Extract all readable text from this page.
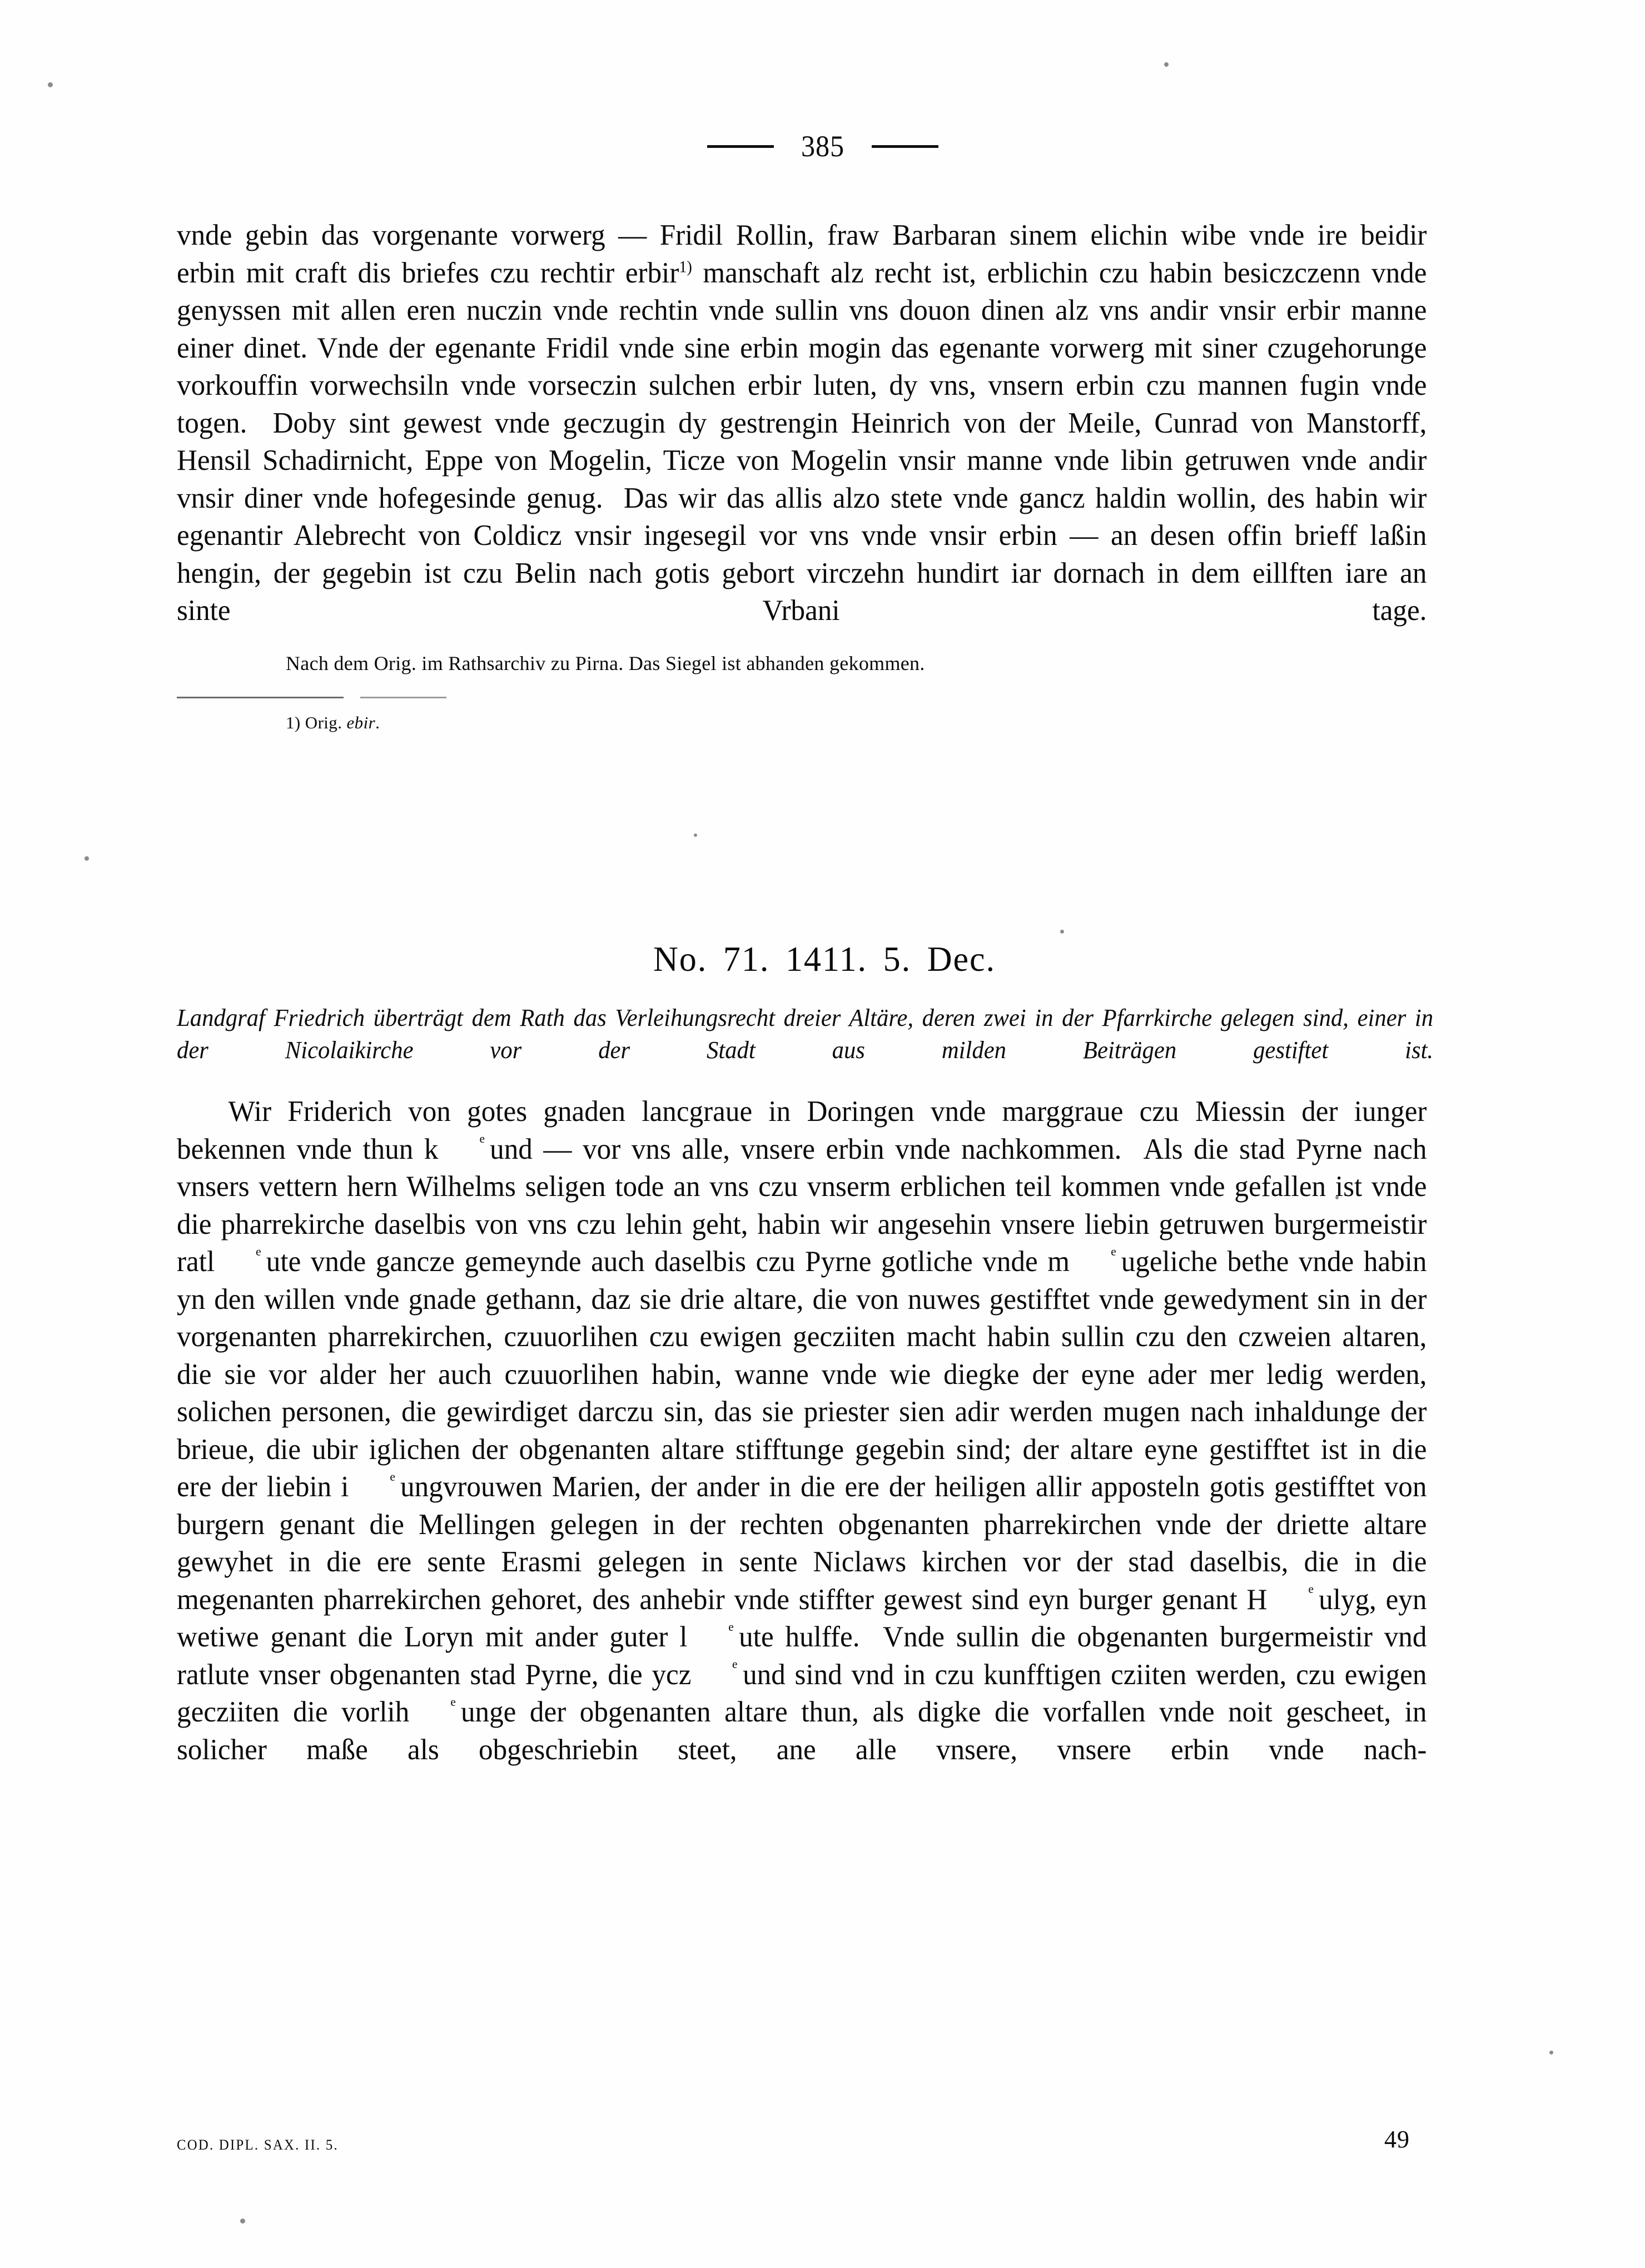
385
vnde gebin das vorgenante vorwerg — Fridil Rollin, fraw Barbaran sinem elichin wibe vnde ire beidir erbin mit craft dis briefes czu rechtir erbir$^{1)}$ manschaft alz recht ist, erblichin czu habin besiczczenn vnde genyssen mit allen eren nuczin vnde rechtin vnde sullin vns douon dinen alz vns andir vnsir erbir manne einer dinet. Vnde der egenante Fridil vnde sine erbin mogin das egenante vorwerg mit siner czugehorunge vorkouffin vorwechsiln vnde vorseczin sulchen erbir luten, dy vns, vnsern erbin czu mannen fugin vnde togen.  Doby sint gewest vnde geczugin dy gestrengin Heinrich von der Meile, Cunrad von Manstorff, Hensil Schadirnicht, Eppe von Mogelin, Ticze von Mogelin vnsir manne vnde libin getruwen vnde andir vnsir diner vnde hofegesinde genug.  Das wir das allis alzo stete vnde gancz haldin wollin, des habin wir egenantir Alebrecht von Coldicz vnsir ingesegil vor vns vnde vnsir erbin — an desen offin brieff laßin hengin, der gegebin ist czu Belin nach gotis gebort virczehn hundirt iar dornach in dem eillften iare an sinte Vrbani tage.
Nach dem Orig. im Rathsarchiv zu Pirna. Das Siegel ist abhanden gekommen.
1) Orig. ebir.
No. 71. 1411. 5. Dec.
Landgraf Friedrich überträgt dem Rath das Verleihungsrecht dreier Altäre, deren zwei in der Pfarrkirche gelegen sind, einer in der Nicolaikirche vor der Stadt aus milden Beiträgen gestiftet ist.
Wir Friderich von gotes gnaden lancgraue in Doringen vnde marggraue czu Miessin der iunger bekennen vnde thun k u
e nd — vor vns alle, vnsere erbin vnde nachkommen.  Als die stad Pyrne nach vnsers vettern hern Wilhelms seligen tode an vns czu vnserm erblichen teil kommen vnde gefallen ist vnde die pharrekirche daselbis von vns czu lehin geht, habin wir angesehin vnsere liebin getruwen burgermeistir ratl u
e te vnde gancze gemeynde auch daselbis czu Pyrne gotliche vnde m u
e geliche bethe vnde habin yn den willen vnde gnade gethann, daz sie drie altare, die von nuwes gestifftet vnde gewedyment sin in der vorgenanten pharrekirchen, czuuorlihen czu ewigen gecziiten macht habin sullin czu den czweien altaren, die sie vor alder her auch czuuorlihen habin, wanne vnde wie diegke der eyne ader mer ledig werden, solichen personen, die gewirdiget darczu sin, das sie priester sien adir werden mugen nach inhaldunge der brieue, die ubir iglichen der obgenanten altare stifftunge gegebin sind; der altare eyne gestifftet ist in die ere der liebin i u
e ngvrouwen Marien, der ander in die ere der heiligen allir apposteln gotis gestifftet von burgern genant die Mellingen gelegen in der rechten obgenanten pharrekirchen vnde der driette altare gewyhet in die ere sente Erasmi gelegen in sente Niclaws kirchen vor der stad daselbis, die in die megenanten pharrekirchen gehoret, des anhebir vnde stiffter gewest sind eyn burger genant H u
e lyg, eyn wetiwe genant die Loryn mit ander guter l u
e te hulffe.  Vnde sullin die obgenanten burgermeistir vnd ratlute vnser obgenanten stad Pyrne, die ycz u
e nd sind vnd in czu kunfftigen cziiten werden, czu ewigen gecziiten die vorlih u
e nge der obgenanten altare thun, als digke die vorfallen vnde noit gescheet, in solicher maße als obgeschriebin steet, ane alle vnsere, vnsere erbin vnde nach-
COD. DIPL. SAX. II. 5.	49
